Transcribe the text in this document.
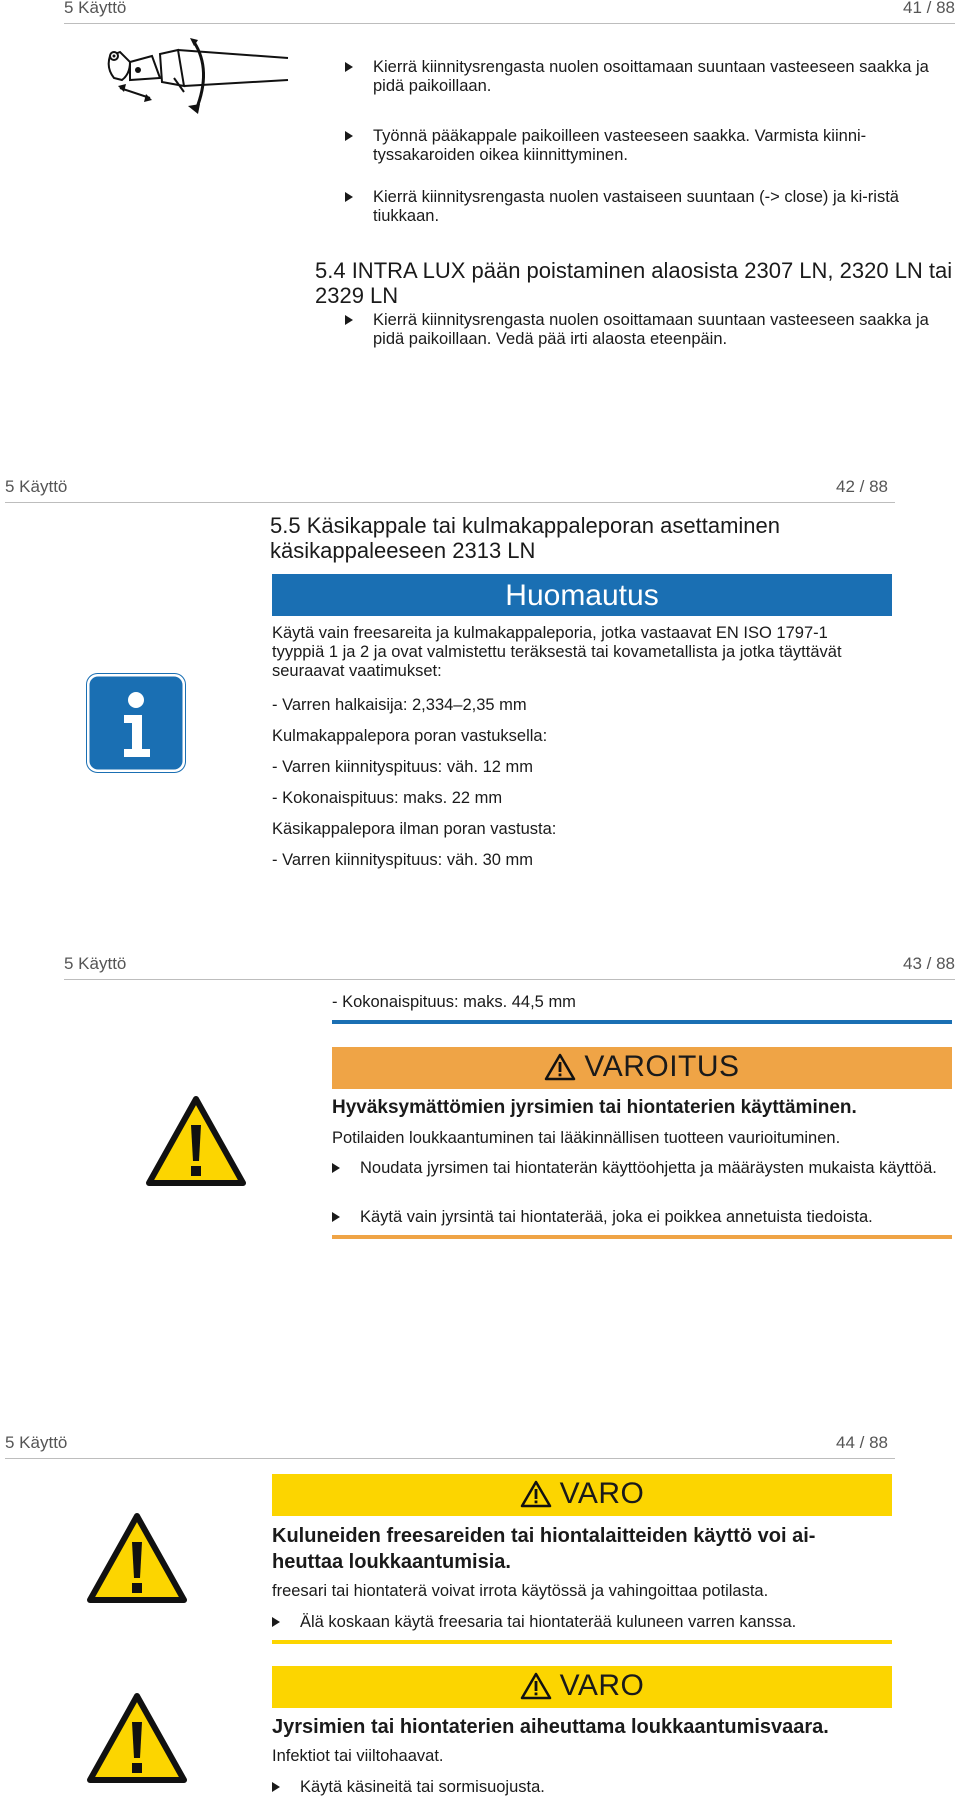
5 Käyttö	41 / 88
Kierrä kiinnitysrengasta nuolen osoittamaan suuntaan vasteeseen saakka ja pidä paikoillaan.
Työnnä pääkappale paikoilleen vasteeseen saakka. Varmista kiinni-tyssakaroiden oikea kiinnittyminen.
Kierrä kiinnitysrengasta nuolen vastaiseen suuntaan (-> close) ja ki-ristä tiukkaan.
5.4 INTRA LUX pään poistaminen alaosista 2307 LN, 2320 LN tai 2329 LN
Kierrä kiinnitysrengasta nuolen osoittamaan suuntaan vasteeseen saakka ja pidä paikoillaan. Vedä pää irti alaosta eteenpäin.
5 Käyttö	42 / 88
5.5 Käsikappale tai kulmakappaleporan asettaminen käsikappaleeseen 2313 LN
Huomautus
Käytä vain freesareita ja kulmakappaleporia, jotka vastaavat EN ISO 1797-1 tyyppiä 1 ja 2 ja ovat valmistettu teräksestä tai kovametallista ja jotka täyttävät seuraavat vaatimukset:
- Varren halkaisija: 2,334–2,35 mm
Kulmakappalepora poran vastuksella:
- Varren kiinnityspituus: väh. 12 mm
- Kokonaispituus: maks. 22 mm
Käsikappalepora ilman poran vastusta:
- Varren kiinnityspituus: väh. 30 mm
5 Käyttö	43 / 88
- Kokonaispituus: maks. 44,5 mm
VAROITUS
Hyväksymättömien jyrsimien tai hiontaterien käyttäminen.
Potilaiden loukkaantuminen tai lääkinnällisen tuotteen vaurioituminen.
Noudata jyrsimen tai hiontaterän käyttöohjetta ja määräysten mukaista käyttöä.
Käytä vain jyrsintä tai hiontaterää, joka ei poikkea annetuista tiedoista.
5 Käyttö	44 / 88
VARO
Kuluneiden freesareiden tai hiontalaitteiden käyttö voi ai-heuttaa loukkaantumisia.
freesari tai hiontaterä voivat irrota käytössä ja vahingoittaa potilasta.
Älä koskaan käytä freesaria tai hiontaterää kuluneen varren kanssa.
VARO
Jyrsimien tai hiontaterien aiheuttama loukkaantumisvaara.
Infektiot tai viiltohaavat.
Käytä käsineitä tai sormisuojusta.
